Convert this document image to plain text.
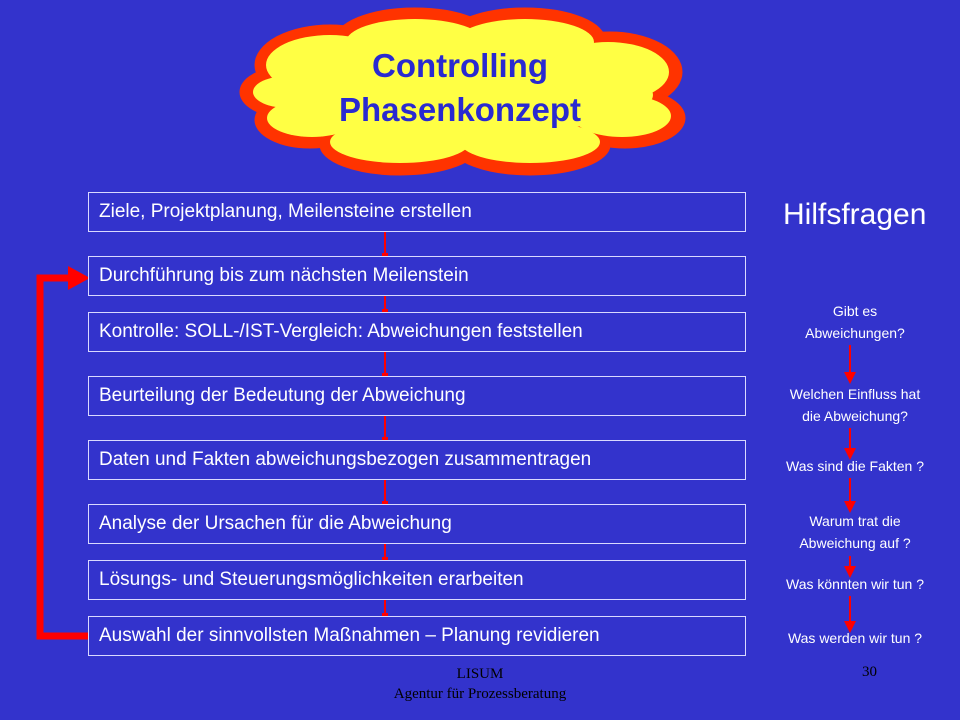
Controlling
Phasenkonzept
Ziele, Projektplanung, Meilensteine erstellen
Durchführung bis zum nächsten Meilenstein
Kontrolle: SOLL-/IST-Vergleich: Abweichungen feststellen
Beurteilung der Bedeutung der Abweichung
Daten und Fakten abweichungsbezogen zusammentragen
Analyse der Ursachen für die Abweichung
Lösungs- und Steuerungsmöglichkeiten erarbeiten
Auswahl der sinnvollsten Maßnahmen – Planung revidieren
Hilfsfragen
Gibt es
Abweichungen?
Welchen Einfluss hat
die Abweichung?
Was sind die Fakten ?
Warum trat die
Abweichung auf ?
Was könnten wir tun ?
Was werden wir tun ?
LISUM
Agentur für Prozessberatung
30
